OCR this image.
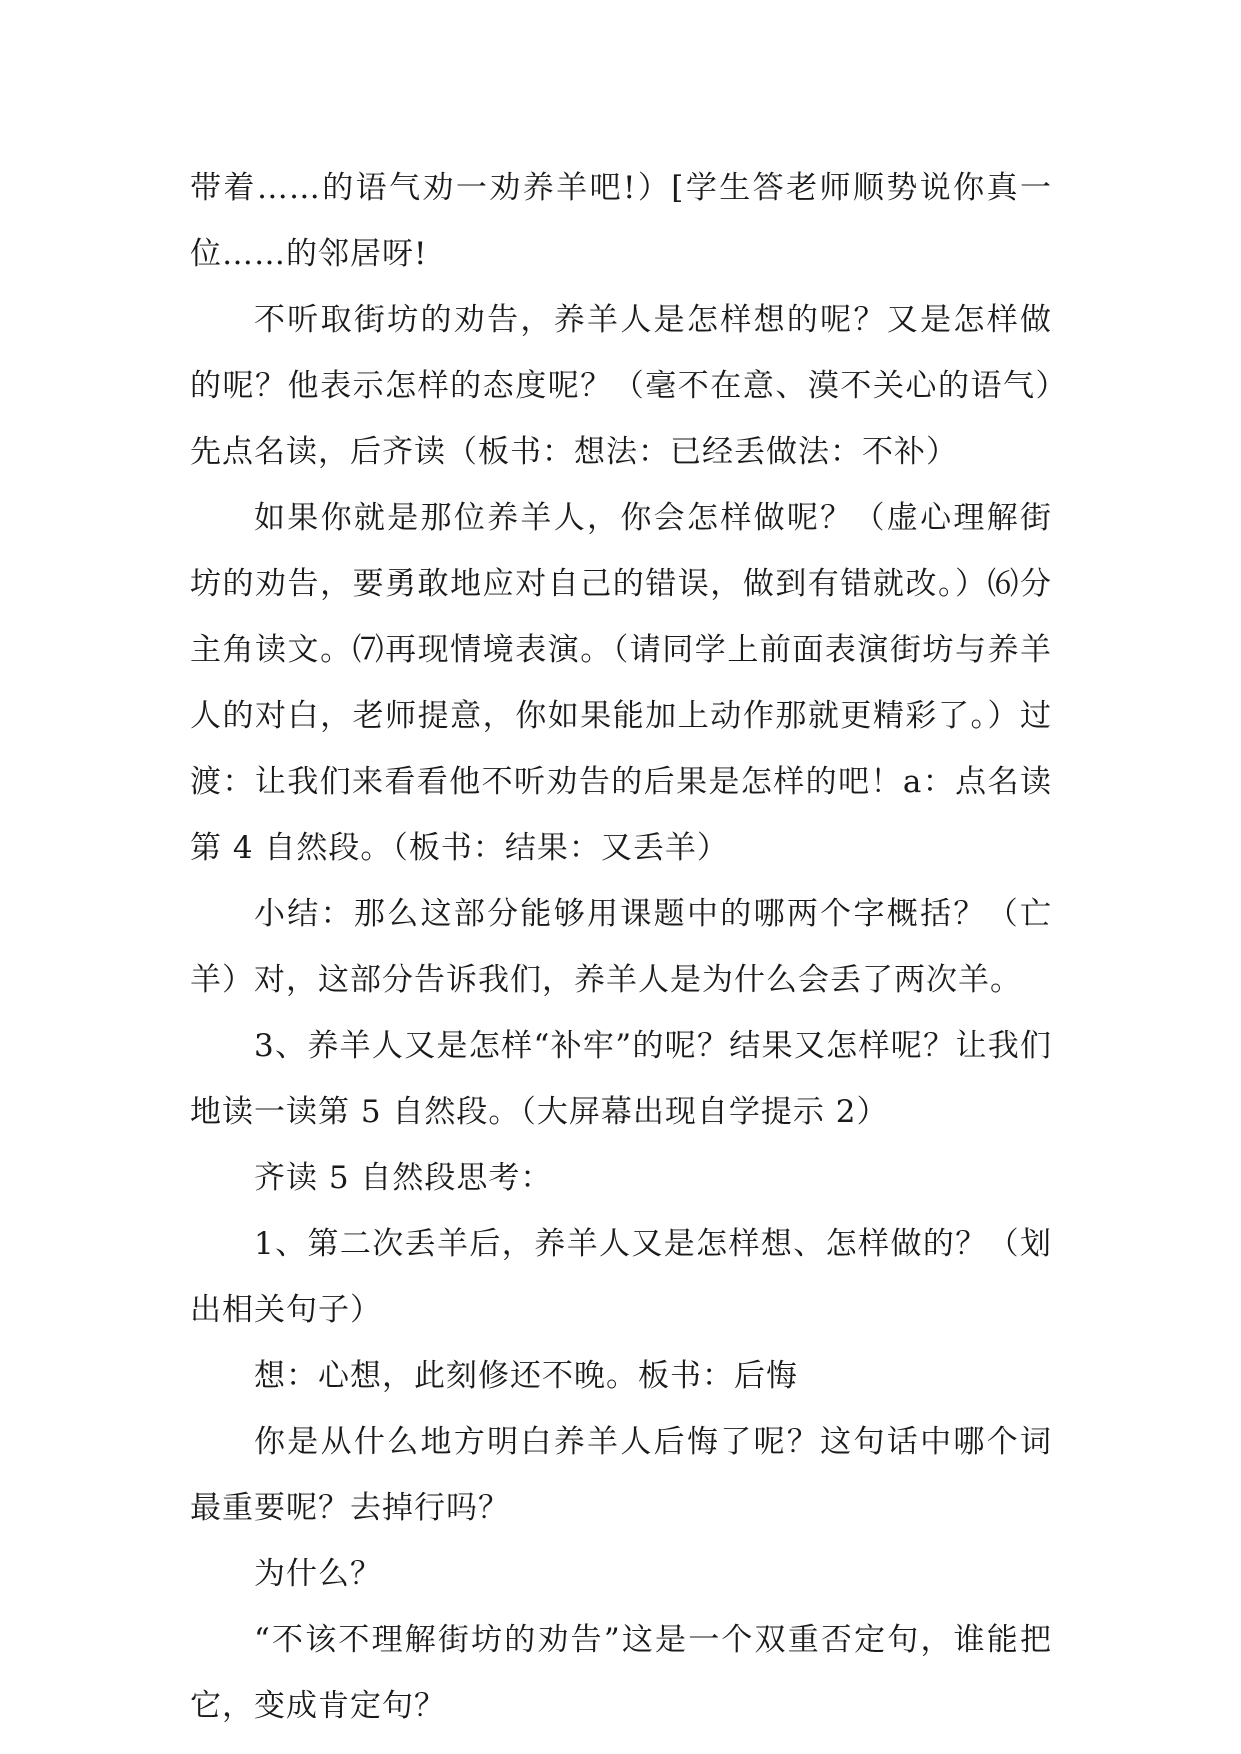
带着……的语气劝一劝养羊吧!）[学生答老师顺势说你真一位……的邻居呀!

不听取街坊的劝告，养羊人是怎样想的呢？又是怎样做的呢？他表示怎样的态度呢？（毫不在意、漠不关心的语气）先点名读，后齐读（板书：想法：已经丢做法：不补）

如果你就是那位养羊人，你会怎样做呢？（虚心理解街坊的劝告，要勇敢地应对自己的错误，做到有错就改。）⑹分主角读文。⑺再现情境表演。（请同学上前面表演街坊与养羊人的对白，老师提意，你如果能加上动作那就更精彩了。）过渡：让我们来看看他不听劝告的后果是怎样的吧！a：点名读第 4 自然段。（板书：结果：又丢羊）

小结：那么这部分能够用课题中的哪两个字概括？（亡羊）对，这部分告诉我们，养羊人是为什么会丢了两次羊。

3、养羊人又是怎样“补牢”的呢？结果又怎样呢？让我们地读一读第 5 自然段。（大屏幕出现自学提示 2）

齐读 5 自然段思考：

1、第二次丢羊后，养羊人又是怎样想、怎样做的？（划出相关句子）

想：心想，此刻修还不晚。板书：后悔

你是从什么地方明白养羊人后悔了呢？这句话中哪个词最重要呢？去掉行吗？

为什么？

“不该不理解街坊的劝告”这是一个双重否定句，谁能把它，变成肯定句？
